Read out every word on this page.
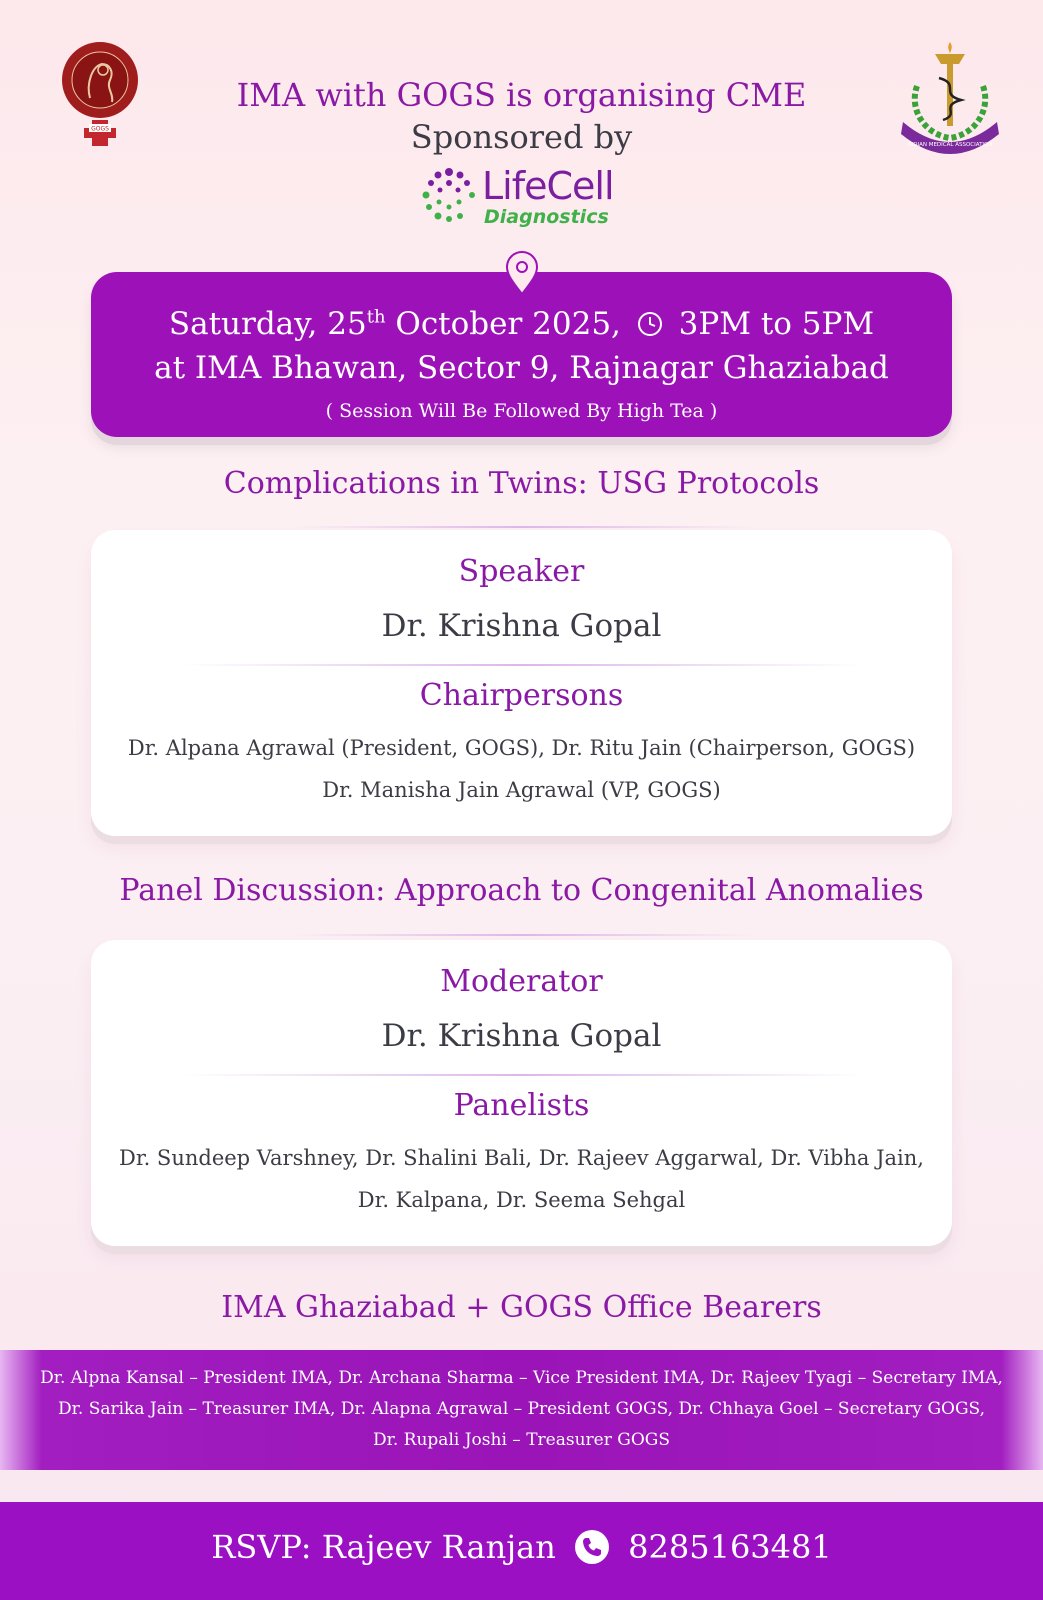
GOGS
INDIAN MEDICAL ASSOCIATION
IMA with GOGS is organising CME
Sponsored by
LifeCell
Diagnostics
Saturday, 25th October 2025, 3PM to 5PM
at IMA Bhawan, Sector 9, Rajnagar Ghaziabad
( Session Will Be Followed By High Tea )
Complications in Twins: USG Protocols
Speaker
Dr. Krishna Gopal
Chairpersons
Dr. Alpana Agrawal (President, GOGS), Dr. Ritu Jain (Chairperson, GOGS)
Dr. Manisha Jain Agrawal (VP, GOGS)
Panel Discussion: Approach to Congenital Anomalies
Moderator
Dr. Krishna Gopal
Panelists
Dr. Sundeep Varshney, Dr. Shalini Bali, Dr. Rajeev Aggarwal, Dr. Vibha Jain,
Dr. Kalpana, Dr. Seema Sehgal
IMA Ghaziabad + GOGS Office Bearers
Dr. Alpna Kansal – President IMA, Dr. Archana Sharma – Vice President IMA, Dr. Rajeev Tyagi – Secretary IMA,
Dr. Sarika Jain – Treasurer IMA, Dr. Alapna Agrawal – President GOGS, Dr. Chhaya Goel – Secretary GOGS,
Dr. Rupali Joshi – Treasurer GOGS
RSVP: Rajeev Ranjan 8285163481
